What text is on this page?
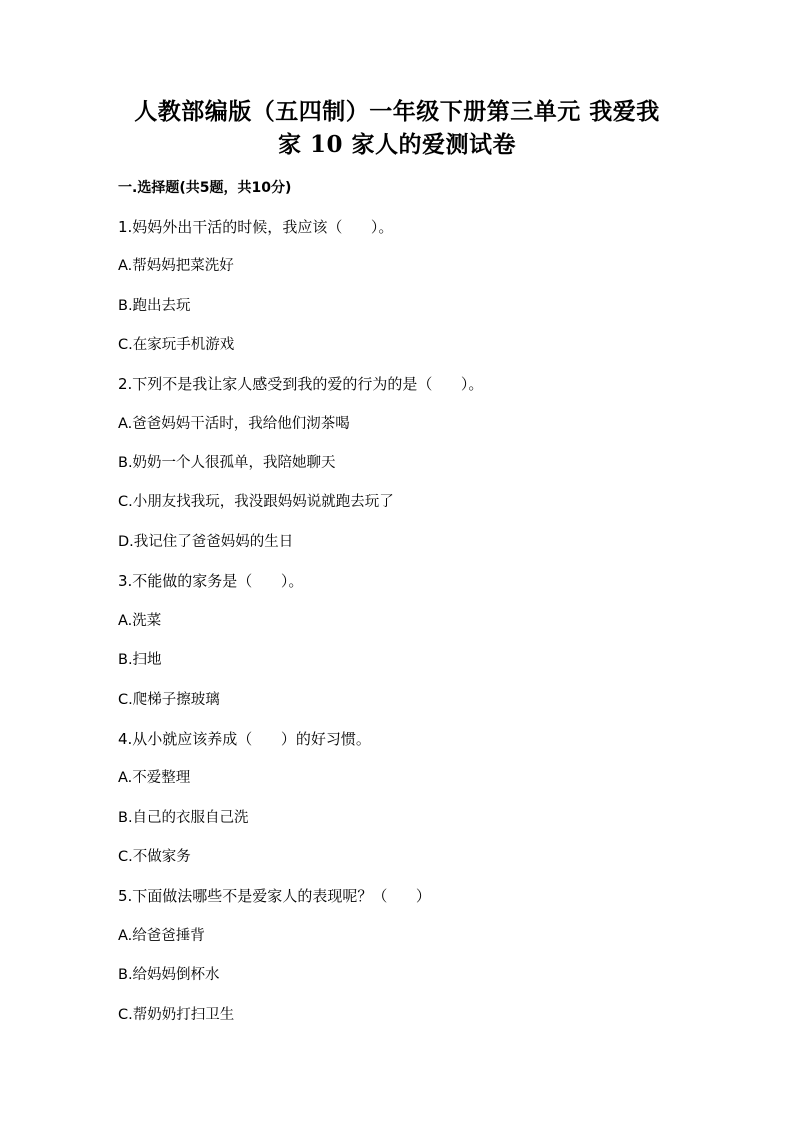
人教部编版（五四制）一年级下册第三单元 我爱我
家 10 家人的爱测试卷
一.选择题(共5题，共10分)
1.妈妈外出干活的时候，我应该（      ）。
A.帮妈妈把菜洗好
B.跑出去玩
C.在家玩手机游戏
2.下列不是我让家人感受到我的爱的行为的是（      ）。
A.爸爸妈妈干活时，我给他们沏茶喝
B.奶奶一个人很孤单，我陪她聊天
C.小朋友找我玩，我没跟妈妈说就跑去玩了
D.我记住了爸爸妈妈的生日
3.不能做的家务是（      ）。
A.洗菜
B.扫地
C.爬梯子擦玻璃
4.从小就应该养成（      ）的好习惯。
A.不爱整理
B.自己的衣服自己洗
C.不做家务
5.下面做法哪些不是爱家人的表现呢？（      ）
A.给爸爸捶背
B.给妈妈倒杯水
C.帮奶奶打扫卫生
